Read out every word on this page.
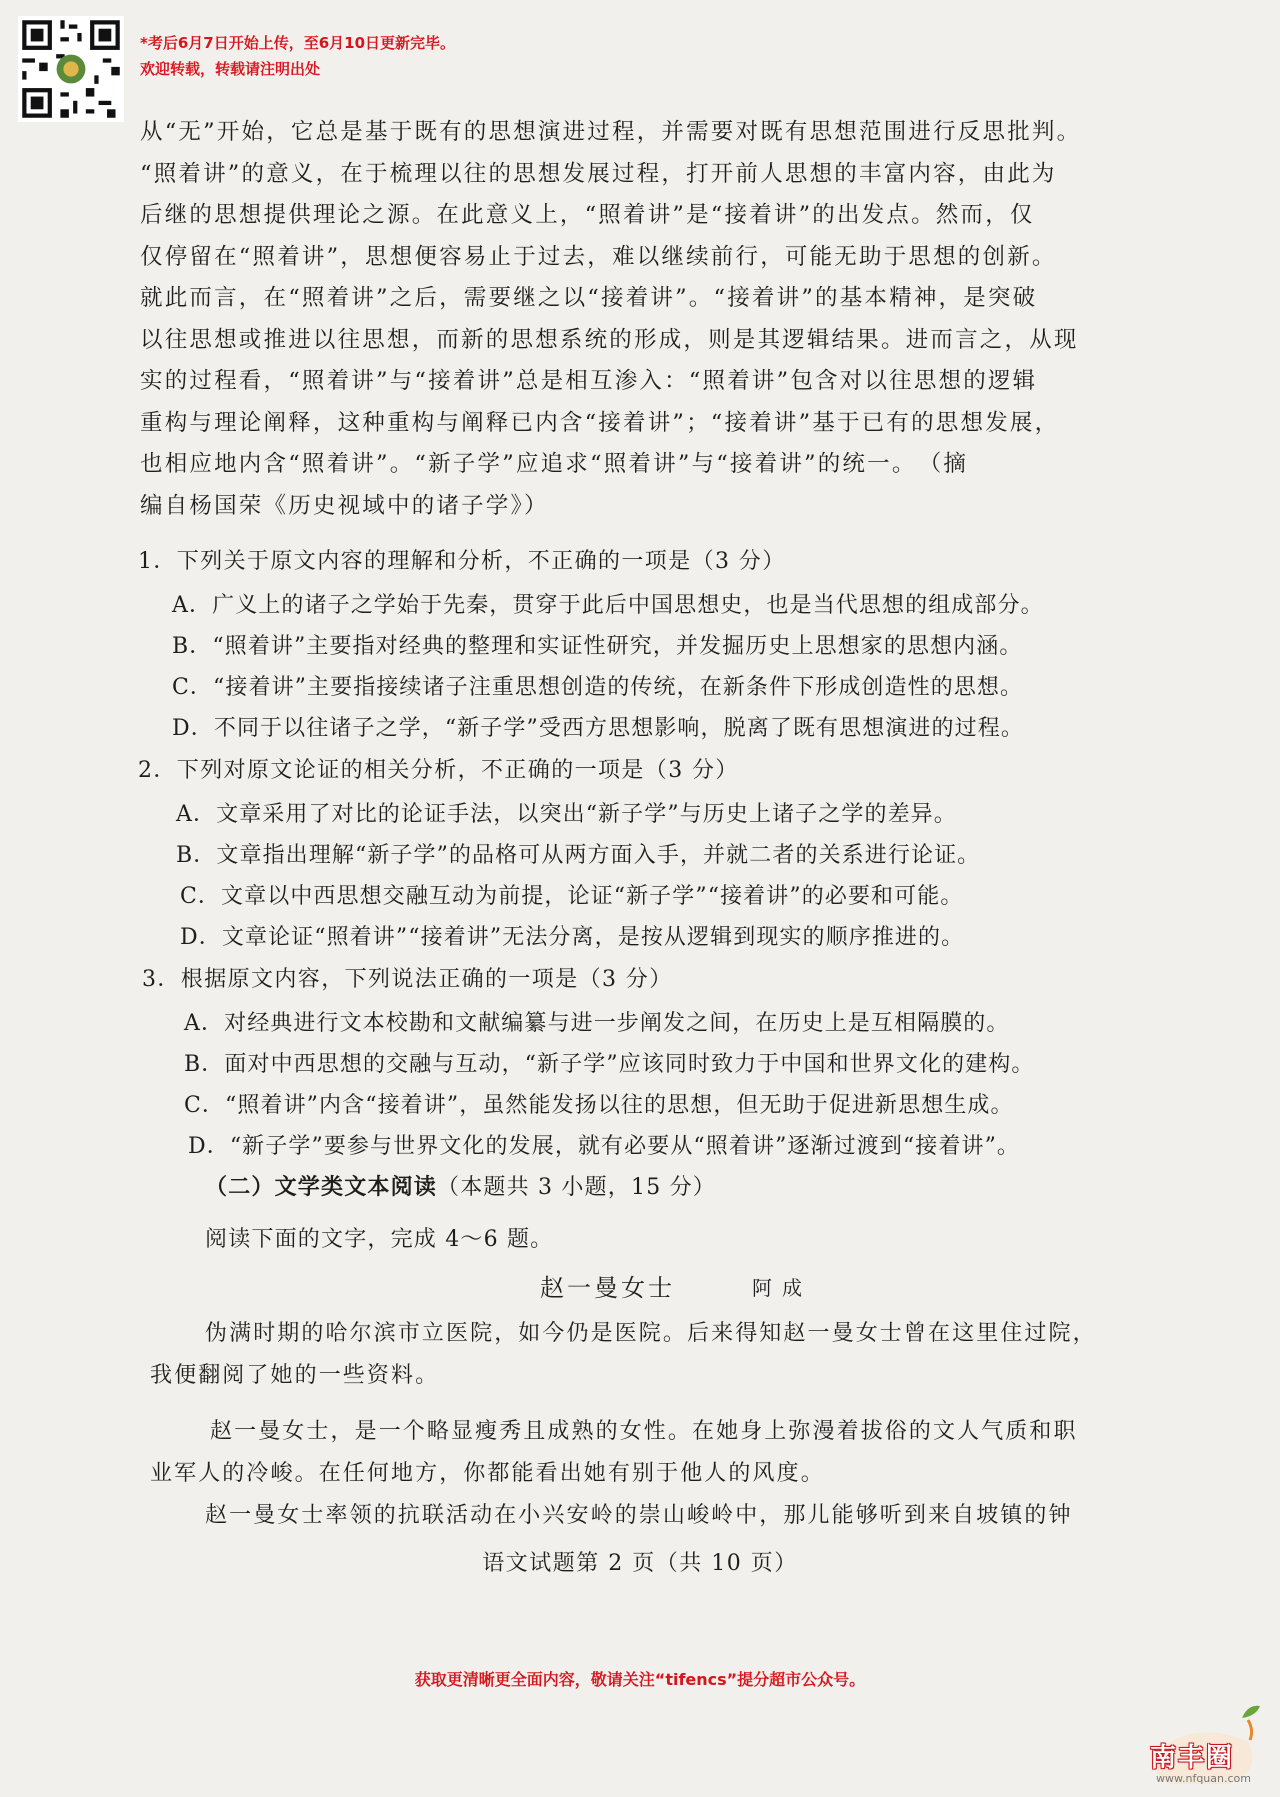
*考后6月7日开始上传，至6月10日更新完毕。
欢迎转载，转载请注明出处
从“无”开始，它总是基于既有的思想演进过程，并需要对既有思想范围进行反思批判。
“照着讲”的意义，在于梳理以往的思想发展过程，打开前人思想的丰富内容，由此为
后继的思想提供理论之源。在此意义上，“照着讲”是“接着讲”的出发点。然而，仅
仅停留在“照着讲”，思想便容易止于过去，难以继续前行，可能无助于思想的创新。
就此而言，在“照着讲”之后，需要继之以“接着讲”。“接着讲”的基本精神，是突破
以往思想或推进以往思想，而新的思想系统的形成，则是其逻辑结果。进而言之，从现
实的过程看，“照着讲”与“接着讲”总是相互渗入：“照着讲”包含对以往思想的逻辑
重构与理论阐释，这种重构与阐释已内含“接着讲”；“接着讲”基于已有的思想发展，
也相应地内含“照着讲”。“新子学”应追求“照着讲”与“接着讲”的统一。　（摘
编自杨国荣《历史视域中的诸子学》）
1．下列关于原文内容的理解和分析，不正确的一项是（3 分）
A．广义上的诸子之学始于先秦，贯穿于此后中国思想史，也是当代思想的组成部分。
B．“照着讲”主要指对经典的整理和实证性研究，并发掘历史上思想家的思想内涵。
C．“接着讲”主要指接续诸子注重思想创造的传统，在新条件下形成创造性的思想。
D．不同于以往诸子之学，“新子学”受西方思想影响，脱离了既有思想演进的过程。
2．下列对原文论证的相关分析，不正确的一项是（3 分）
A．文章采用了对比的论证手法，以突出“新子学”与历史上诸子之学的差异。
B．文章指出理解“新子学”的品格可从两方面入手，并就二者的关系进行论证。
C．文章以中西思想交融互动为前提，论证“新子学”“接着讲”的必要和可能。
D．文章论证“照着讲”“接着讲”无法分离，是按从逻辑到现实的顺序推进的。
3．根据原文内容，下列说法正确的一项是（3 分）
A．对经典进行文本校勘和文献编纂与进一步阐发之间，在历史上是互相隔膜的。
B．面对中西思想的交融与互动，“新子学”应该同时致力于中国和世界文化的建构。
C．“照着讲”内含“接着讲”，虽然能发扬以往的思想，但无助于促进新思想生成。
D．“新子学”要参与世界文化的发展，就有必要从“照着讲”逐渐过渡到“接着讲”。
（二）文学类文本阅读（本题共 3 小题，15 分）
阅读下面的文字，完成 4～6 题。
赵一曼女士	阿成
伪满时期的哈尔滨市立医院，如今仍是医院。后来得知赵一曼女士曾在这里住过院，
我便翻阅了她的一些资料。
赵一曼女士，是一个略显瘦秀且成熟的女性。在她身上弥漫着拔俗的文人气质和职
业军人的冷峻。在任何地方，你都能看出她有别于他人的风度。
赵一曼女士率领的抗联活动在小兴安岭的崇山峻岭中，那儿能够听到来自坡镇的钟
语文试题第 2 页（共 10 页）
获取更清晰更全面内容，敬请关注“tifencs”提分超市公众号。
南丰圈
www.nfquan.com
